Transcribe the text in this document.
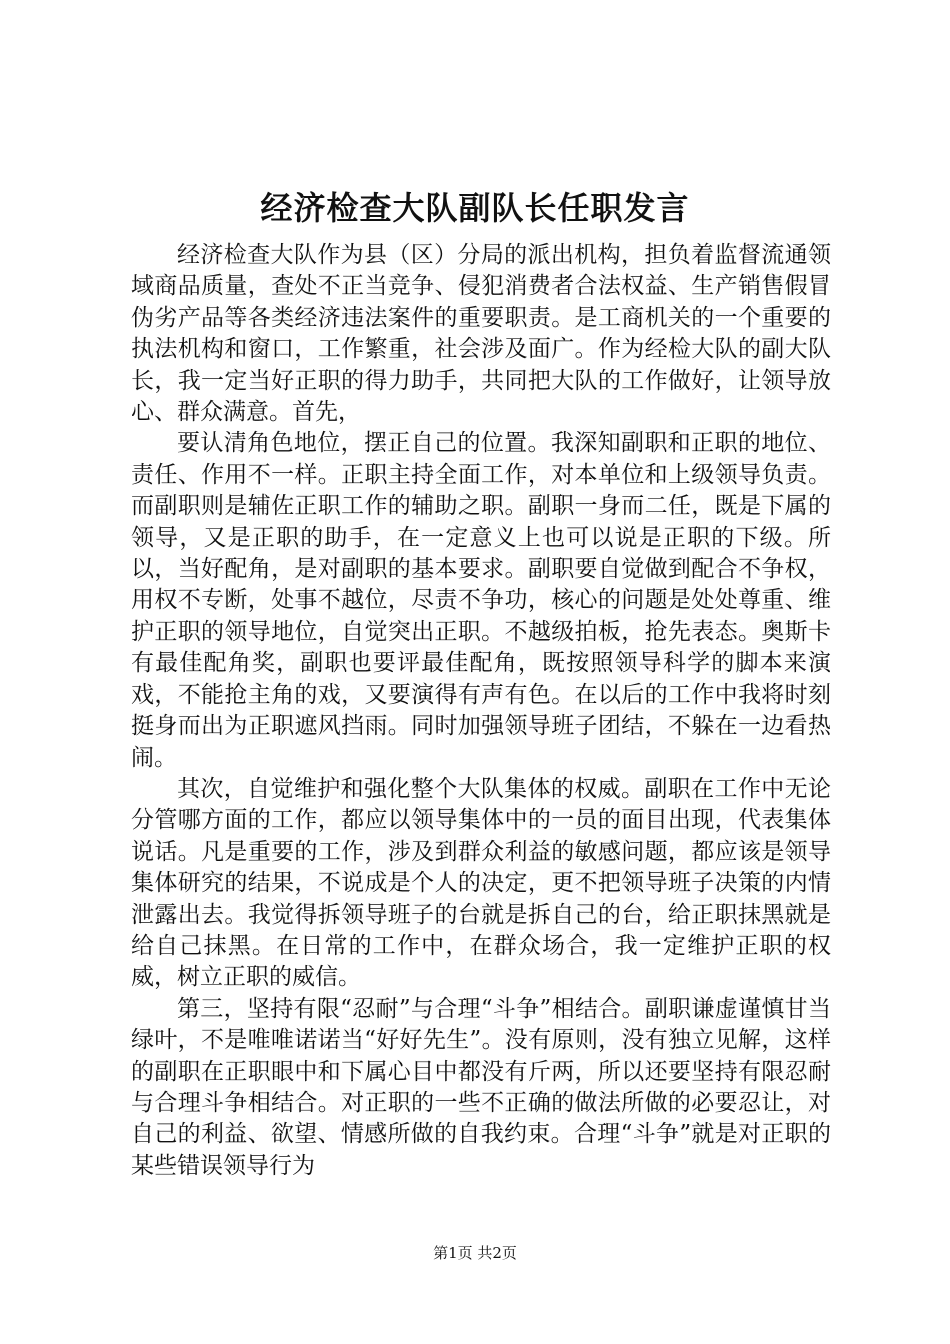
经济检查大队副队长任职发言

经济检查大队作为县（区）分局的派出机构，担负着监督流通领域商品质量，查处不正当竞争、侵犯消费者合法权益、生产销售假冒伪劣产品等各类经济违法案件的重要职责。是工商机关的一个重要的执法机构和窗口，工作繁重，社会涉及面广。作为经检大队的副大队长，我一定当好正职的得力助手，共同把大队的工作做好，让领导放心、群众满意。首先，

要认清角色地位，摆正自己的位置。我深知副职和正职的地位、责任、作用不一样。正职主持全面工作，对本单位和上级领导负责。而副职则是辅佐正职工作的辅助之职。副职一身而二任，既是下属的领导，又是正职的助手，在一定意义上也可以说是正职的下级。所以，当好配角，是对副职的基本要求。副职要自觉做到配合不争权，用权不专断，处事不越位，尽责不争功，核心的问题是处处尊重、维护正职的领导地位，自觉突出正职。不越级拍板，抢先表态。奥斯卡有最佳配角奖，副职也要评最佳配角，既按照领导科学的脚本来演戏，不能抢主角的戏，又要演得有声有色。在以后的工作中我将时刻挺身而出为正职遮风挡雨。同时加强领导班子团结，不躲在一边看热闹。

其次，自觉维护和强化整个大队集体的权威。副职在工作中无论分管哪方面的工作，都应以领导集体中的一员的面目出现，代表集体说话。凡是重要的工作，涉及到群众利益的敏感问题，都应该是领导集体研究的结果，不说成是个人的决定，更不把领导班子决策的内情泄露出去。我觉得拆领导班子的台就是拆自己的台，给正职抹黑就是给自己抹黑。在日常的工作中，在群众场合，我一定维护正职的权威，树立正职的威信。

第三，坚持有限“忍耐”与合理“斗争”相结合。副职谦虚谨慎甘当绿叶，不是唯唯诺诺当“好好先生”。没有原则，没有独立见解，这样的副职在正职眼中和下属心目中都没有斤两，所以还要坚持有限忍耐与合理斗争相结合。对正职的一些不正确的做法所做的必要忍让，对自己的利益、欲望、情感所做的自我约束。合理“斗争”就是对正职的某些错误领导行为

第1页 共2页
